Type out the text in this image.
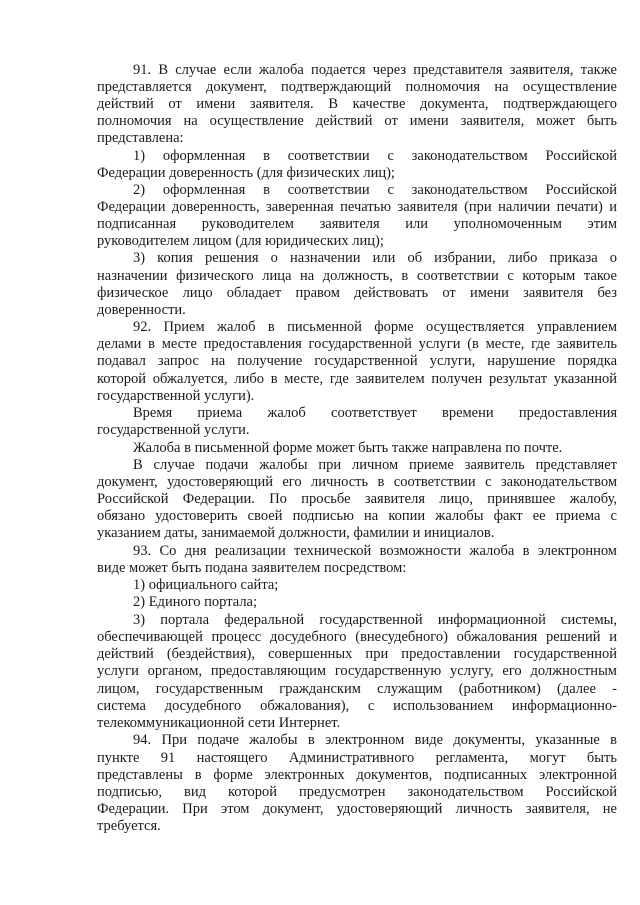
91. В случае если жалоба подается через представителя заявителя, также
представляется документ, подтверждающий полномочия на осуществление
действий от имени заявителя. В качестве документа, подтверждающего
полномочия на осуществление действий от имени заявителя, может быть
представлена:
1) оформленная в соответствии с законодательством Российской
Федерации доверенность (для физических лиц);
2) оформленная в соответствии с законодательством Российской
Федерации доверенность, заверенная печатью заявителя (при наличии печати) и
подписанная руководителем заявителя или уполномоченным этим
руководителем лицом (для юридических лиц);
3) копия решения о назначении или об избрании, либо приказа о
назначении физического лица на должность, в соответствии с которым такое
физическое лицо обладает правом действовать от имени заявителя без
доверенности.
92. Прием жалоб в письменной форме осуществляется управлением
делами в месте предоставления государственной услуги (в месте, где заявитель
подавал запрос на получение государственной услуги, нарушение порядка
которой обжалуется, либо в месте, где заявителем получен результат указанной
государственной услуги).
Время приема жалоб соответствует времени предоставления
государственной услуги.
Жалоба в письменной форме может быть также направлена по почте.
В случае подачи жалобы при личном приеме заявитель представляет
документ, удостоверяющий его личность в соответствии с законодательством
Российской Федерации. По просьбе заявителя лицо, принявшее жалобу,
обязано удостоверить своей подписью на копии жалобы факт ее приема с
указанием даты, занимаемой должности, фамилии и инициалов.
93. Со дня реализации технической возможности жалоба в электронном
виде может быть подана заявителем посредством:
1) официального сайта;
2) Единого портала;
3) портала федеральной государственной информационной системы,
обеспечивающей процесс досудебного (внесудебного) обжалования решений и
действий (бездействия), совершенных при предоставлении государственной
услуги органом, предоставляющим государственную услугу, его должностным
лицом, государственным гражданским служащим (работником) (далее -
система досудебного обжалования), с использованием информационно-
телекоммуникационной сети Интернет.
94. При подаче жалобы в электронном виде документы, указанные в
пункте 91 настоящего Административного регламента, могут быть
представлены в форме электронных документов, подписанных электронной
подписью, вид которой предусмотрен законодательством Российской
Федерации. При этом документ, удостоверяющий личность заявителя, не
требуется.
